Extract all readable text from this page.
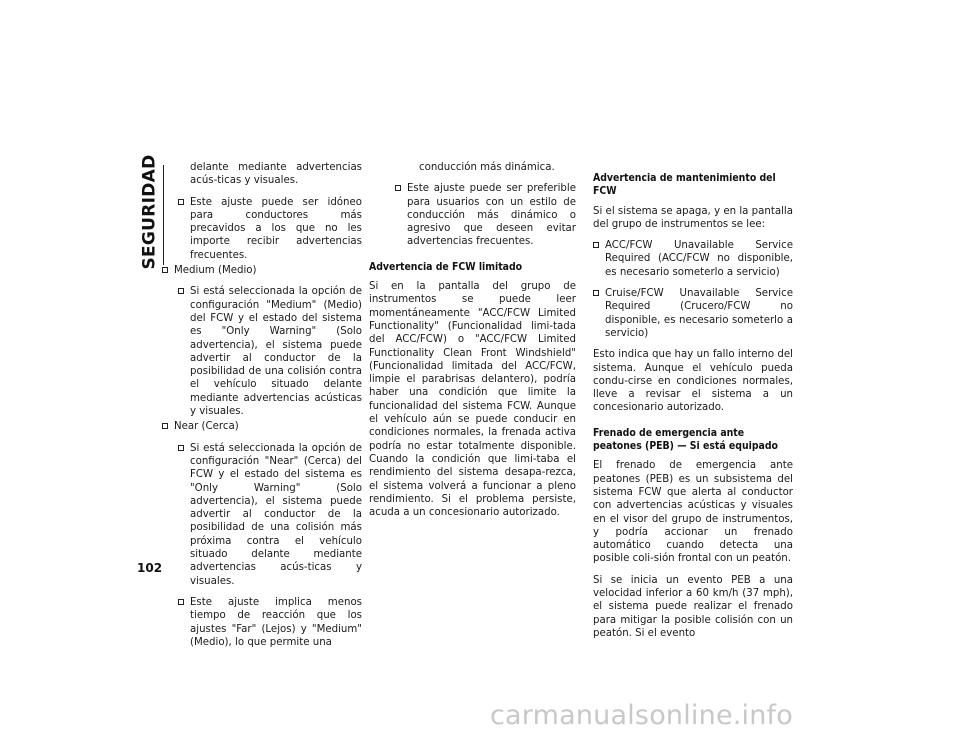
SEGURIDAD
102
delante mediante advertencias acús-ticas y visuales.
Este ajuste puede ser idóneo para conductores más precavidos a los que no les importe recibir advertencias frecuentes.
Medium (Medio)
Si está seleccionada la opción de configuración "Medium" (Medio) del FCW y el estado del sistema es "Only Warning" (Solo advertencia), el sistema puede advertir al conductor de la posibilidad de una colisión contra el vehículo situado delante mediante advertencias acústicas y visuales.
Near (Cerca)
Si está seleccionada la opción de configuración "Near" (Cerca) del FCW y el estado del sistema es "Only Warning" (Solo advertencia), el sistema puede advertir al conductor de la posibilidad de una colisión más próxima contra el vehículo situado delante mediante advertencias acús-ticas y visuales.
Este ajuste implica menos tiempo de reacción que los ajustes "Far" (Lejos) y "Medium" (Medio), lo que permite una
conducción más dinámica.
Este ajuste puede ser preferible para usuarios con un estilo de conducción más dinámico o agresivo que deseen evitar advertencias frecuentes.
Advertencia de FCW limitado
Si en la pantalla del grupo de instrumentos se puede leer momentáneamente "ACC/FCW Limited Functionality" (Funcionalidad limi-tada del ACC/FCW) o "ACC/FCW Limited Functionality Clean Front Windshield" (Funcionalidad limitada del ACC/FCW, limpie el parabrisas delantero), podría haber una condición que limite la funcionalidad del sistema FCW. Aunque el vehículo aún se puede conducir en condiciones normales, la frenada activa podría no estar totalmente disponible. Cuando la condición que limi-taba el rendimiento del sistema desapa-rezca, el sistema volverá a funcionar a pleno rendimiento. Si el problema persiste, acuda a un concesionario autorizado.
Advertencia de mantenimiento del FCW
Si el sistema se apaga, y en la pantalla del grupo de instrumentos se lee:
ACC/FCW Unavailable Service Required (ACC/FCW no disponible, es necesario someterlo a servicio)
Cruise/FCW Unavailable Service Required (Crucero/FCW no disponible, es necesario someterlo a servicio)
Esto indica que hay un fallo interno del sistema. Aunque el vehículo pueda condu-cirse en condiciones normales, lleve a revisar el sistema a un concesionario autorizado.
Frenado de emergencia ante peatones (PEB) — Si está equipado
El frenado de emergencia ante peatones (PEB) es un subsistema del sistema FCW que alerta al conductor con advertencias acústicas y visuales en el visor del grupo de instrumentos, y podría accionar un frenado automático cuando detecta una posible coli-sión frontal con un peatón.
Si se inicia un evento PEB a una velocidad inferior a 60 km/h (37 mph), el sistema puede realizar el frenado para mitigar la posible colisión con un peatón. Si el evento
carmanualsonline.info
